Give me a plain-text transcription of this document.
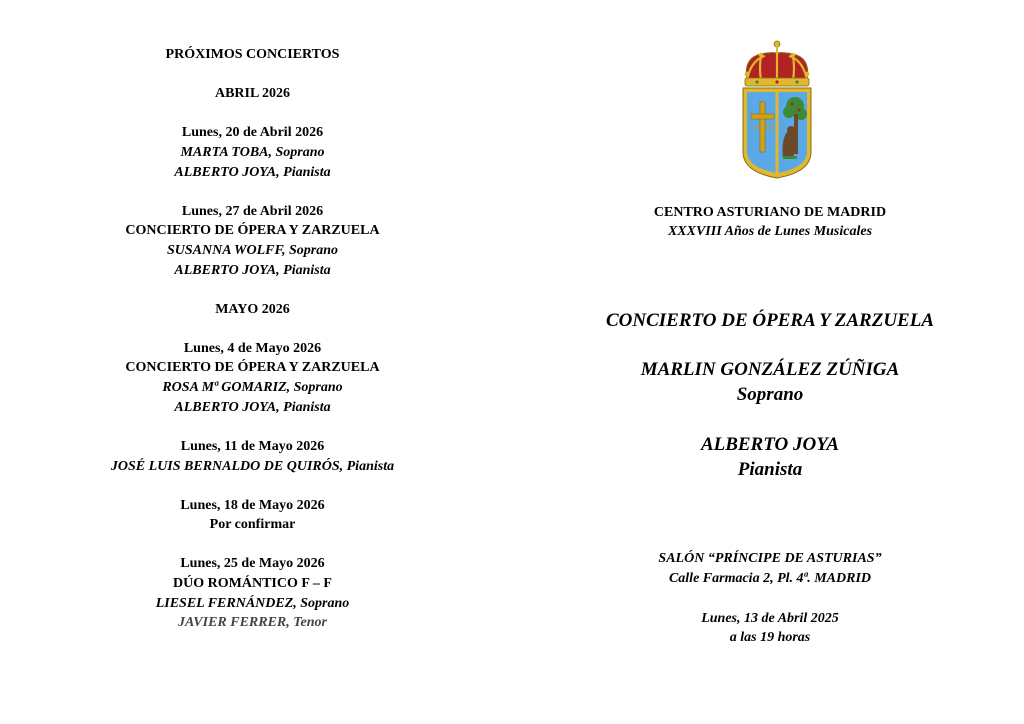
PRÓXIMOS CONCIERTOS
ABRIL 2026
Lunes, 20 de Abril 2026
MARTA TOBA, Soprano
ALBERTO JOYA, Pianista
Lunes, 27 de Abril 2026
CONCIERTO DE ÓPERA Y ZARZUELA
SUSANNA WOLFF, Soprano
ALBERTO JOYA, Pianista
MAYO 2026
Lunes, 4 de Mayo 2026
CONCIERTO DE ÓPERA Y ZARZUELA
ROSA Mª GOMARIZ, Soprano
ALBERTO JOYA, Pianista
Lunes, 11 de Mayo 2026
JOSÉ LUIS BERNALDO DE QUIRÓS, Pianista
Lunes, 18 de Mayo 2026
Por confirmar
Lunes, 25 de Mayo 2026
DÚO ROMÁNTICO F – F
LIESEL FERNÁNDEZ, Soprano
JAVIER FERRER, Tenor
A Ω
CENTRO ASTURIANO DE MADRID
XXXVIII Años de Lunes Musicales
CONCIERTO DE ÓPERA Y ZARZUELA
MARLIN GONZÁLEZ ZÚÑIGA
Soprano
ALBERTO JOYA
Pianista
SALÓN “PRÍNCIPE DE ASTURIAS”
Calle Farmacia 2, Pl. 4ª. MADRID
Lunes, 13 de Abril 2025
a las 19 horas
